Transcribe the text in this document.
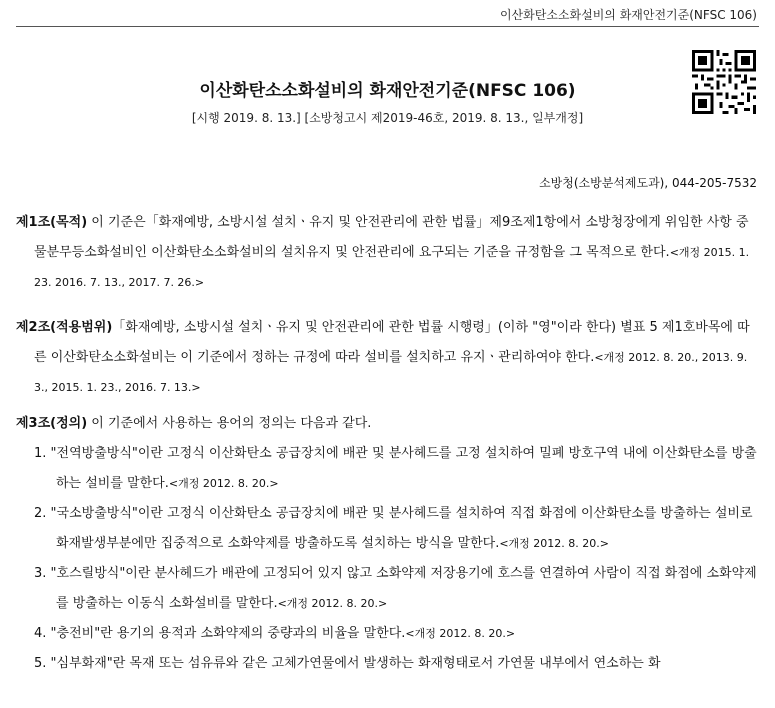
이산화탄소소화설비의 화재안전기준(NFSC 106)
이산화탄소소화설비의 화재안전기준(NFSC 106)
[시행 2019. 8. 13.] [소방청고시 제2019-46호, 2019. 8. 13., 일부개정]
소방청(소방분석제도과), 044-205-7532

제1조(목적) 이 기준은「화재예방, 소방시설 설치ㆍ유지 및 안전관리에 관한 법률」제9조제1항에서 소방청장에게 위임한 사항 중 물분무등소화설비인 이산화탄소소화설비의 설치유지 및 안전관리에 요구되는 기준을 규정함을 그 목적으로 한다.<개정 2015. 1. 23. 2016. 7. 13., 2017. 7. 26.>

제2조(적용범위)「화재예방, 소방시설 설치ㆍ유지 및 안전관리에 관한 법률 시행령」(이하 "영"이라 한다) 별표 5 제1호바목에 따른 이산화탄소소화설비는 이 기준에서 정하는 규정에 따라 설비를 설치하고 유지ㆍ관리하여야 한다.<개정 2012. 8. 20., 2013. 9. 3., 2015. 1. 23., 2016. 7. 13.>

제3조(정의) 이 기준에서 사용하는 용어의 정의는 다음과 같다.

1. "전역방출방식"이란 고정식 이산화탄소 공급장치에 배관 및 분사헤드를 고정 설치하여 밀폐 방호구역 내에 이산화탄소를 방출하는 설비를 말한다.<개정 2012. 8. 20.>
2. "국소방출방식"이란 고정식 이산화탄소 공급장치에 배관 및 분사헤드를 설치하여 직접 화점에 이산화탄소를 방출하는 설비로 화재발생부분에만 집중적으로 소화약제를 방출하도록 설치하는 방식을 말한다.<개정 2012. 8. 20.>
3. "호스릴방식"이란 분사헤드가 배관에 고정되어 있지 않고 소화약제 저장용기에 호스를 연결하여 사람이 직접 화점에 소화약제를 방출하는 이동식 소화설비를 말한다.<개정 2012. 8. 20.>
4. "충전비"란 용기의 용적과 소화약제의 중량과의 비율을 말한다.<개정 2012. 8. 20.>
5. "심부화재"란 목재 또는 섬유류와 같은 고체가연물에서 발생하는 화재형태로서 가연물 내부에서 연소하는 화
